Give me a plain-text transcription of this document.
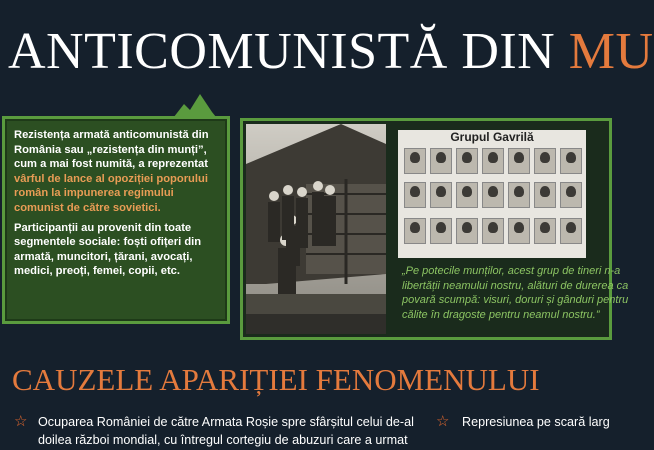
ANTICOMUNISTĂ DIN MU

Rezistența armată anticomunistă din România sau „rezistența din munți”, cum a mai fost numită, a reprezentat vârful de lance al opoziției poporului român la impunerea regimului comunist de către sovietici.

Participanții au provenit din toate segmentele sociale: foști ofițeri din armată, muncitori, țărani, avocați, medici, preoți, femei, copii, etc.

Grupul Gavrilă
„Pe potecile munților, acest grup de tineri n-a
libertății neamului nostru, alături de durerea ca
povară scumpă: visuri, doruri și gânduri pentru
călite în dragoste pentru neamul nostru.”
CAUZELE APARIȚIEI FENOMENULUI
☆ Ocuparea României de către Armata Roșie spre sfârșitul celui de-al
doilea război mondial, cu întregul cortegiu de abuzuri care a urmat
☆ Represiunea pe scară larg
